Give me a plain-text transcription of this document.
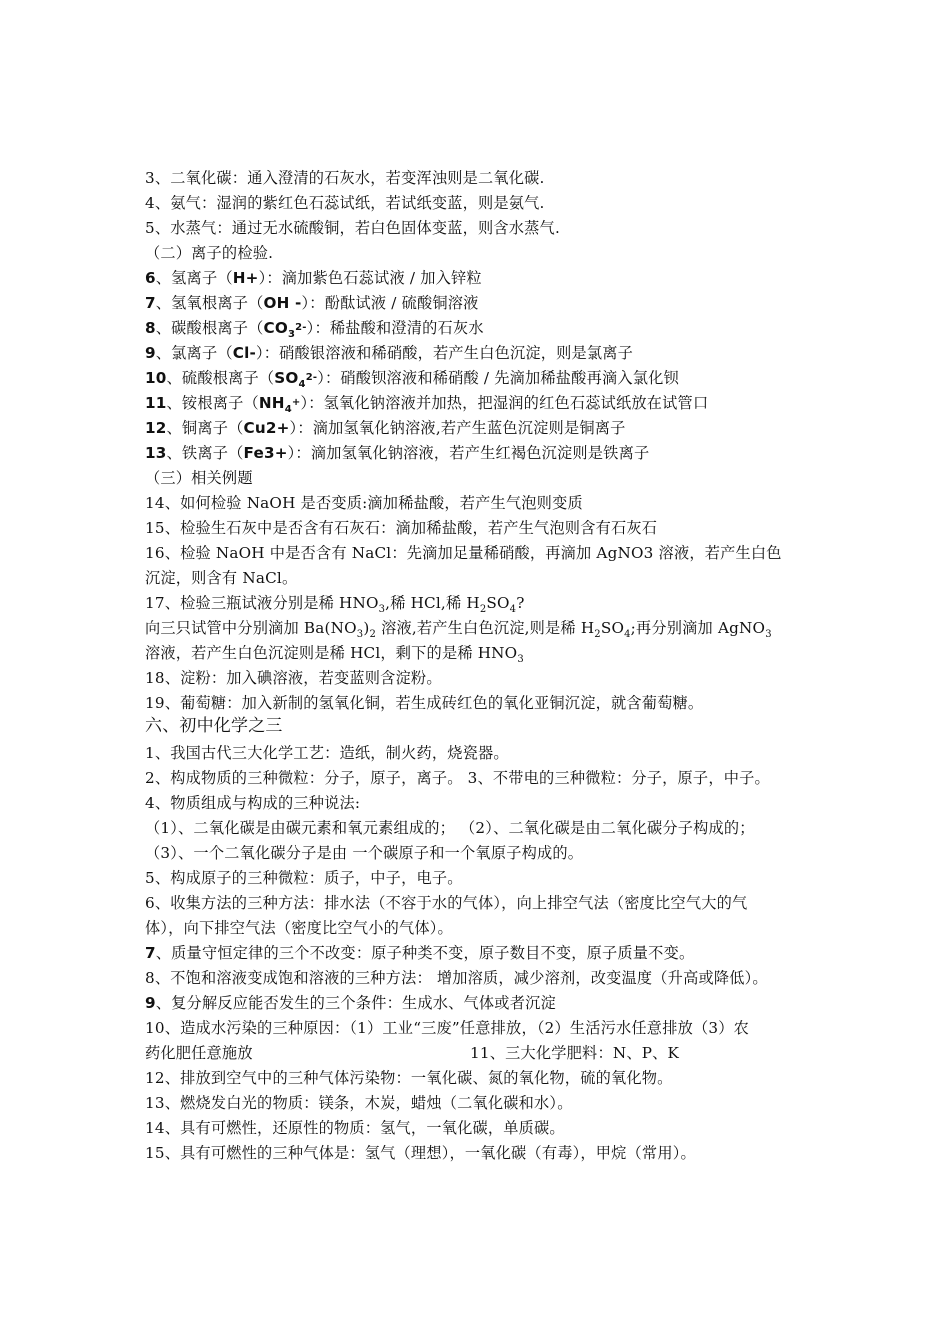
3、二氧化碳：通入澄清的石灰水，若变浑浊则是二氧化碳.
4、氨气：湿润的紫红色石蕊试纸，若试纸变蓝，则是氨气.
5、水蒸气：通过无水硫酸铜，若白色固体变蓝，则含水蒸气.
（二）离子的检验.
6、氢离子（H+）：滴加紫色石蕊试液 / 加入锌粒
7、氢氧根离子（OH -）：酚酞试液 / 硫酸铜溶液
8、碳酸根离子$(CO_3^{2-})$：稀盐酸和澄清的石灰水
9、氯离子（Cl-）：硝酸银溶液和稀硝酸，若产生白色沉淀，则是氯离子
10、硫酸根离子$(SO_4^{2-})$：硝酸钡溶液和稀硝酸 / 先滴加稀盐酸再滴入氯化钡
11、铵根离子$(NH_4^+)$：氢氧化钠溶液并加热，把湿润的红色石蕊试纸放在试管口
12、铜离子（Cu2+）：滴加氢氧化钠溶液,若产生蓝色沉淀则是铜离子
13、铁离子（Fe3+）：滴加氢氧化钠溶液，若产生红褐色沉淀则是铁离子
（三）相关例题
14、如何检验 NaOH 是否变质:滴加稀盐酸，若产生气泡则变质
15、检验生石灰中是否含有石灰石：滴加稀盐酸，若产生气泡则含有石灰石
16、检验 NaOH 中是否含有 NaCl：先滴加足量稀硝酸，再滴加 AgNO3 溶液，若产生白色
沉淀，则含有 NaCl。
17、检验三瓶试液分别是稀 $HNO_3$,稀 HCl,稀 $H_2SO_4$?
向三只试管中分别滴加 $Ba(NO_3)_2$ 溶液,若产生白色沉淀,则是稀 $H_2SO_4$;再分别滴加 AgNO$_3$
溶液，若产生白色沉淀则是稀 HCl，剩下的是稀 $HNO_3$
18、淀粉：加入碘溶液，若变蓝则含淀粉。
19、葡萄糖：加入新制的氢氧化铜，若生成砖红色的氧化亚铜沉淀，就含葡萄糖。
六、初中化学之三
1、我国古代三大化学工艺：造纸，制火药，烧瓷器。
2、构成物质的三种微粒：分子，原子，离子。 3、不带电的三种微粒：分子，原子，中子。
4、物质组成与构成的三种说法:
（1）、二氧化碳是由碳元素和氧元素组成的； （2）、二氧化碳是由二氧化碳分子构成的；
（3）、一个二氧化碳分子是由 一个碳原子和一个氧原子构成的。
5、构成原子的三种微粒：质子，中子，电子。
6、收集方法的三种方法：排水法（不容于水的气体），向上排空气法（密度比空气大的气
体），向下排空气法（密度比空气小的气体）。
7、质量守恒定律的三个不改变：原子种类不变，原子数目不变，原子质量不变。
8、不饱和溶液变成饱和溶液的三种方法： 增加溶质，减少溶剂，改变温度（升高或降低）。
9、复分解反应能否发生的三个条件：生成水、气体或者沉淀
10、造成水污染的三种原因：（1）工业“三废”任意排放，（2）生活污水任意排放（3）农
药化肥任意施放	11、三大化学肥料：N、P、K
12、排放到空气中的三种气体污染物：一氧化碳、氮的氧化物，硫的氧化物。
13、燃烧发白光的物质：镁条，木炭，蜡烛（二氧化碳和水）。
14、具有可燃性，还原性的物质：氢气，一氧化碳，单质碳。
15、具有可燃性的三种气体是：氢气（理想），一氧化碳（有毒），甲烷（常用）。
